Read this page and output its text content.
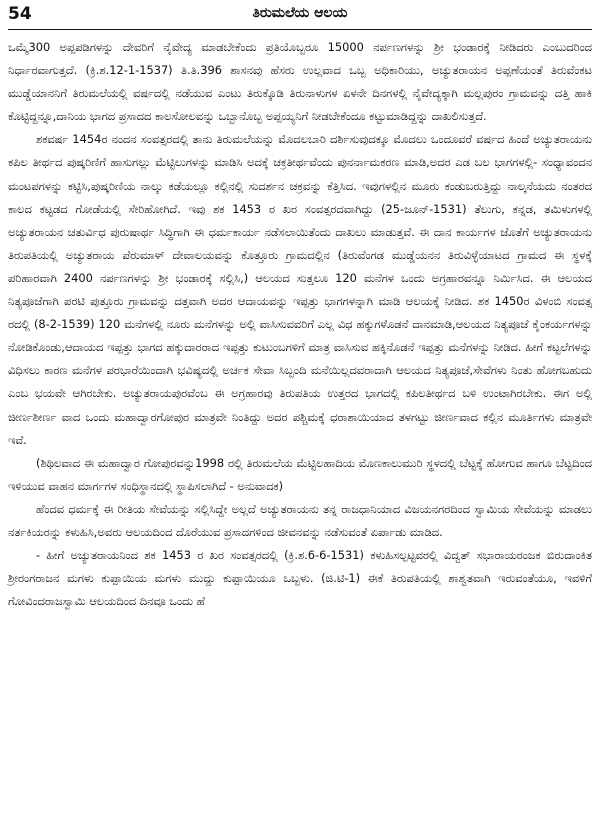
54	ತಿರುಮಲೆಯ ಆಲಯ

ಒಮ್ಮೆ300 ಅಪ್ಪಪಡಿಗಳನ್ನು ದೇವರಿಗೆ ನೈವೇದ್ಯ ಮಾಡಬೇಕೆಂದು ಪ್ರತಿಯೊಬ್ಬರೂ 15000 ನರ್ಪಣಗಳನ್ನು ಶ್ರೀ ಭಂಡಾರಕ್ಕೆ ನೀಡಿದರು ಎಂಬುದರಿಂದ ನಿರ್ಧಾರವಾಗುತ್ತದೆ. (ಕ್ರಿ.ಶ.12-1-1537) ತಿ.ತಿ.396 ಶಾಸನವು ಹೆಸರು ಉಲ್ಲವಾದ ಒಬ್ಬ ಅಧಿಕಾರಿಯು, ಅಚ್ಯುತರಾಯನ ಅಪ್ಪಣೆಯಂತೆ ತಿರುವೆಂಕಟ ಮುಡ್ಡೆಯಾನನಿಗೆ ತಿರುಮಲೆಯಲ್ಲಿ ವರ್ಷದಲ್ಲಿ ನಡೆಯುವ ಎಂಟು ತಿರುಕ್ಕೊಡಿ ತಿರುನಾಳುಗಳ ಏಳನೇ ದಿನಗಳಲ್ಲಿ ನೈವೇದ್ಯಕ್ಕಾಗಿ ಮಲ್ಲಪುರಂ ಗ್ರಾಮವನ್ನು ದತ್ತಿ ಹಾಕಿ ಕೊಟ್ಟಿದ್ದನ್ನೂ,ದಾನಿಯ ಭಾಗದ ಪ್ರಸಾದದ ಕಾಲಸೋಲವನ್ನು ಒಬ್ಬಾನೊಬ್ಬ ಅಪ್ಪಯ್ಯನಿಗೆ ನೀಡಬೇಕೆಂದೂ ಕಟ್ಟುಮಾಡಿದ್ದನ್ನು ದಾಖಲಿಸುತ್ತದೆ.

ಶಕವರ್ಷ 1454ರ ನಂದನ ಸಂವತ್ಸರದಲ್ಲಿ ತಾನು ತಿರುಮಲೆಯನ್ನು ಮೊದಲಬಾರಿ ದರ್ಶಿಸುವುದಕ್ಕೂ ಮೊದಲು ಒಂದೂವರೆ ವರ್ಷದ ಹಿಂದೆ ಅಚ್ಯುತರಾಯನು ಕಪಿಲ ತೀರ್ಥದ ಪುಷ್ಕರಿಣಿಗೆ ಹಾಸುಗಲ್ಲು ಮೆಟ್ಟಿಲುಗಳನ್ನು ಮಾಡಿಸಿ ಅದಕ್ಕೆ ಚಕ್ರತೀರ್ಥವೆಂದು ಪುನರ್ನಾಮಕರಣ ಮಾಡಿ,ಅದರ ಎಡ ಬಲ ಭಾಗಗಳಲ್ಲಿ- ಸಂಧ್ಯಾವಂದನ ಮಂಟಪಗಳನ್ನು ಕಟ್ಟಿಸಿ,ಪುಷ್ಕರಿಣಿಯ ನಾಲ್ಕು ಕಡೆಯಲ್ಲೂ ಕಲ್ಲಿನಲ್ಲಿ ಸುದರ್ಶನ ಚಕ್ರವನ್ನು ಕೆತ್ತಿಸಿದ. ಇವುಗಳಲ್ಲಿನ ಮೂರು ಕಂಡುಬರುತ್ತಿದ್ದು ನಾಲ್ಕನೆಯದು ನಂತರದ ಕಾಲದ ಕಟ್ಟಡದ ಗೋಡೆಯಲ್ಲಿ ಸೇರಿಹೋಗಿದೆ. ಇವು ಶಕ 1453 ರ ಖರ ಸಂವತ್ಸರದವಾಗಿದ್ದು (25-ಜೂನ್-1531) ತೆಲುಗು, ಕನ್ನಡ, ತಮಿಳುಗಳಲ್ಲಿ ಅಚ್ಯುತರಾಯನ ಚತುರ್ವಿಧ ಪುರುಷಾರ್ಥ ಸಿದ್ಧಿಗಾಗಿ ಈ ಧರ್ಮಕಾರ್ಯ ನಡೆಸಲಾಯಿತೆಂದು ದಾಖಲು ಮಾಡುತ್ತವೆ. ಈ ದಾನ ಕಾರ್ಯಗಳ ಜೊತೆಗೆ ಅಚ್ಯುತರಾಯನು ತಿರುಪತಿಯಲ್ಲಿ ಅಚ್ಯುತರಾಯ ಪೆರುಮಾಳ್ ದೇವಾಲಯವನ್ನು ಕೊತ್ತೂರು ಗ್ರಾಮದಲ್ಲಿನ (ತಿರುವೆಂಗಡ ಮುಡ್ಡೆಯನನ ತಿರುವಿಳ್ಳೆಯಾಟದ ಗ್ರಾಮದ ಈ ಸ್ಥಳಕ್ಕೆ ಪರಿಹಾರವಾಗಿ 2400 ನರ್ಪಣಗಳನ್ನು ಶ್ರೀ ಭಂಡಾರಕ್ಕೆ ಸಲ್ಲಿಸಿ,) ಆಲಯದ ಸುತ್ತಲೂ 120 ಮನೆಗಳ ಒಂದು ಅಗ್ರಹಾರವನ್ನೂ ನಿರ್ಮಿಸಿದ. ಈ ಆಲಯದ ನಿತ್ಯಪೂಜೆಗಾಗಿ ಪರಟಿ ಪುತ್ತೂರು ಗ್ರಾಮವನ್ನು ದತ್ತವಾಗಿ ಅದರ ಆದಾಯವನ್ನು ಇಪ್ಪತ್ತು ಭಾಗಗಳನ್ನಾಗಿ ಮಾಡಿ ಆಲಯಕ್ಕೆ ನೀಡಿದ. ಶಕ 1450ರ ವಿಳಂಬಿ ಸಂವತ್ಸ ರದಲ್ಲಿ (8-2-1539) 120 ಮನೆಗಳಲ್ಲಿ ನೂರು ಮನೆಗಳನ್ನು ಅಲ್ಲಿ ವಾಸಿಸುವವರಿಗೆ ಎಲ್ಲ ವಿಧ ಹಕ್ಕುಗಳೊಡನೆ ದಾನಮಾಡಿ,ಆಲಯದ ನಿತ್ಯಪೂಜೆ ಕೈಂಕರ್ಯಗಳನ್ನು ನೋಡಿಕೊಂಡು,ಆದಾಯದ ಇಪ್ಪತ್ತು ಭಾಗದ ಹಕ್ಕುದಾರರಾದ ಇಪ್ಪತ್ತು ಕುಟುಂಬಗಳಿಗೆ ಮಾತ್ರ ವಾಸಿಸುವ ಹಕ್ಕಿನೊಡನೆ ಇಪ್ಪತ್ತು ಮನೆಗಳನ್ನು ನೀಡಿದ. ಹೀಗೆ ಕಟ್ಟಲೆಗಳನ್ನು ವಿಧಿಸಲು ಕಾರಣ ಮನೆಗಳ ಪರಭಾರೆಯಿಂದಾಗಿ ಭವಿಷ್ಯದಲ್ಲಿ ಅರ್ಚಕ ಸೇವಾ ಸಿಬ್ಬಂದಿ ಮನೆಯಿಲ್ಲದವರಾದಾಗಿ ಆಲಯದ ನಿತ್ಯಪೂಜೆ,ಸೇವೆಗಳು ನಿಂತು ಹೋಗಬಹುದು ಎಂಬ ಭಯವೇ ಆಗಿರಬೇಕು. ಅಚ್ಯುತರಾಯಪುರವೆಂಬ ಈ ಅಗ್ರಹಾರವು ತಿರುಪತಿಯ ಉತ್ತರದ ಭಾಗದಲ್ಲಿ ಕಪಿಲತೀರ್ಥದ ಬಳಿ ಉಂಟಾಗಿರಬೇಕು. ಈಗ ಅಲ್ಲಿ ಜೀರ್ಣಶೀರ್ಣ ವಾದ ಒಂದು ಮಹಾದ್ವಾರಗೋಪುರ ಮಾತ್ರವೇ ನಿಂತಿದ್ದು ಅದರ ಪಶ್ಚಿಮಕ್ಕೆ ಧರಾಶಾಯಿಯಾದ ತಳಗಟ್ಟು ಜೀರ್ಣವಾದ ಕಲ್ಲಿನ ಮೂರ್ತಿಗಳು ಮಾತ್ರವೇ ಇವೆ.

(ಶಿಥಿಲವಾದ ಈ ಮಹಾದ್ವಾರ ಗೋಪುರವನ್ನು1998 ರಲ್ಲಿ ತಿರುಮಲೆಯ ಮೆಟ್ಟಿಲಹಾದಿಯ ಮೊಣಕಾಲುಮುರಿ ಸ್ಥಳದಲ್ಲಿ ಬೆಟ್ಟಕ್ಕೆ ಹೋಗುವ ಹಾಗೂ ಬೆಟ್ಟದಿಂದ ಇಳಿಯುವ ವಾಹನ ಮಾರ್ಗಗಳ ಸಂಧಿಸ್ಥಾನದಲ್ಲಿ ಸ್ಥಾಪಿಸಲಾಗಿದೆ - ಅನುವಾದಕ)

ಹೆಂದವ ಧರ್ಮಕ್ಕೆ ಈ ರೀತಿಯ ಸೇವೆಯನ್ನು ಸಲ್ಲಿಸಿದ್ದೇ ಅಲ್ಲದೆ ಅಚ್ಯುತರಾಯನು ತನ್ನ ರಾಜಧಾನಿಯಾದ ವಿಜಯನಗರದಿಂದ ಸ್ವಾಮಿಯ ಸೇವೆಯನ್ನು ಮಾಡಲು ನರ್ತಕಿಯರನ್ನು ಕಳುಹಿಸಿ,ಅವರು ಆಲಯದಿಂದ ದೊರೆಯುವ ಪ್ರಸಾದಗಳಿಂದ ಜೀವನವನ್ನು ನಡೆಸುವಂತೆ ಏರ್ಪಾಡು ಮಾಡಿದ.

- ಹೀಗೆ ಅಚ್ಯುತರಾಯನಿಂದ ಶಕ 1453 ರ ಖರ ಸಂವತ್ಸರದಲ್ಲಿ (ಕ್ರಿ.ಶ.6-6-1531) ಕಳುಹಿಸಲ್ಪಟ್ಟವರಲ್ಲಿ ವಿದ್ವತ್ ಸಭಾರಾಯರಂಜಕ ಬಿರುದಾಂಕಿತ ಶ್ರೀರಂಗರಾಜನ ಮಗಳು ಕುಪ್ಪಾಯಿಯ ಮಗಳು ಮುದ್ದು ಕುಪ್ಪಾಯಿಯೂ ಒಬ್ಬಳು. (ಜಿ.ಟಿ-1) ಈಕೆ ತಿರುಪತಿಯಲ್ಲಿ ಶಾಶ್ವತವಾಗಿ ಇರುವಂತೆಯೂ, ಇವಳಿಗೆ ಗೋವಿಂದರಾಜಸ್ವಾಮಿ ಆಲಯದಿಂದ ದಿನವೂ ಒಂದು ಹೆ
